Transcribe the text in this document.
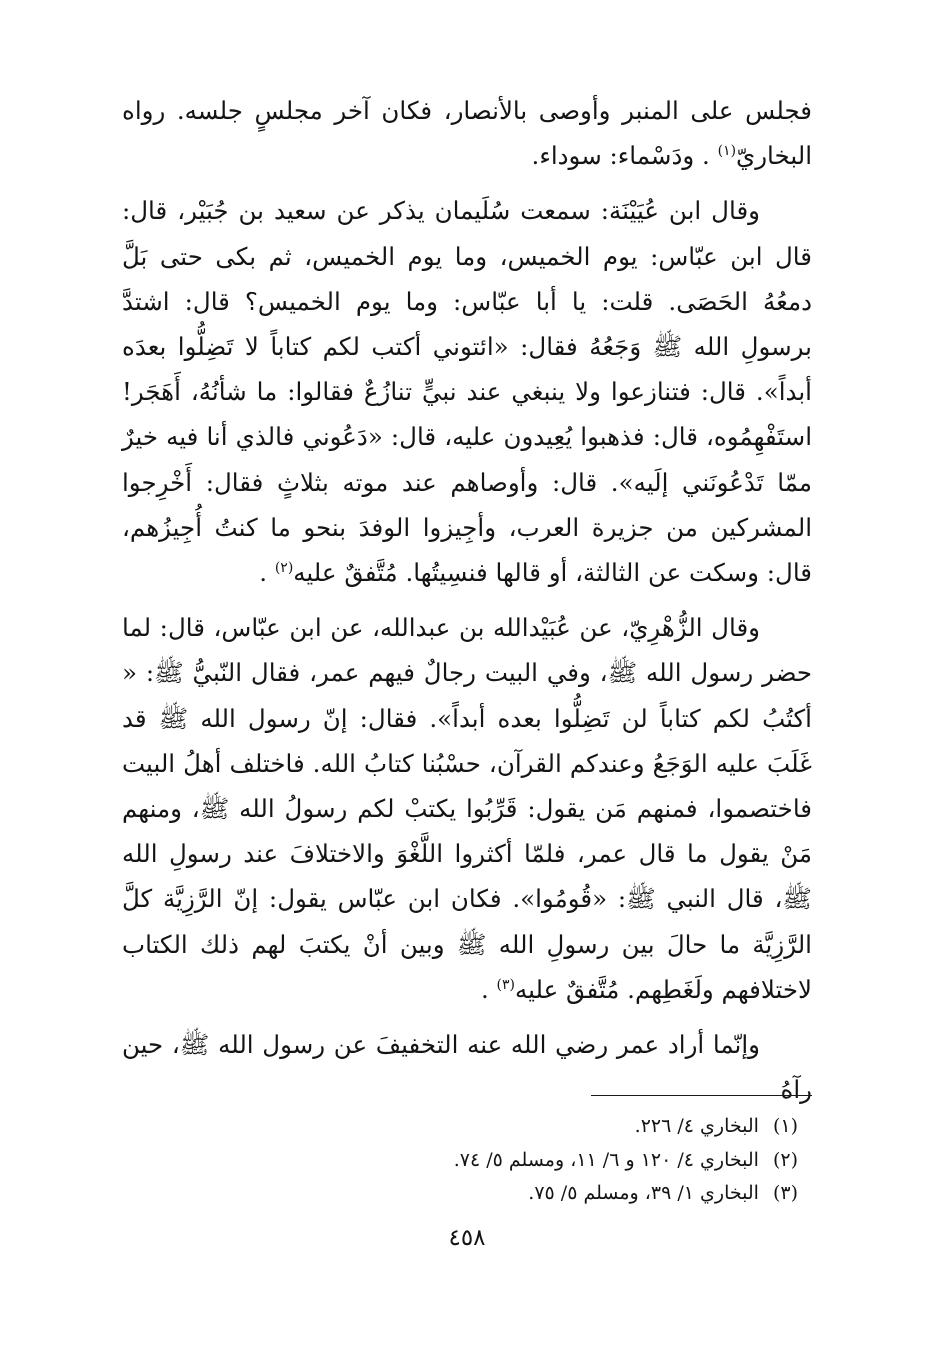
فجلس على المنبر وأوصى بالأنصار، فكان آخر مجلسٍ جلسه. رواه البخاريّ$^{(١)}$ . ودَسْماء: سوداء.

وقال ابن عُيَيْنَة: سمعت سُلَيمان يذكر عن سعيد بن جُبَيْر، قال: قال ابن عبّاس: يوم الخميس، وما يوم الخميس، ثم بكى حتى بَلَّ دمعُهُ الحَصَى. قلت: يا أبا عبّاس: وما يوم الخميس؟ قال: اشتدَّ برسولِ الله ﷺ وَجَعُهُ فقال: «ائتوني أكتب لكم كتاباً لا تَضِلُّوا بعدَه أبداً». قال: فتنازعوا ولا ينبغي عند نبيٍّ تنازُعٌ فقالوا: ما شأنُهُ، أَهَجَر! استَفْهِمُوه، قال: فذهبوا يُعِيدون عليه، قال: «دَعُوني فالذي أنا فيه خيرٌ ممّا تَدْعُونَني إلَيه». قال: وأوصاهم عند موته بثلاثٍ فقال: أَخْرِجوا المشركين من جزيرة العرب، وأجِيزوا الوفدَ بنحو ما كنتُ أُجِيزُهم، قال: وسكت عن الثالثة، أو قالها فنسِيتُها. مُتَّفقٌ عليه$^{(٢)}$ .

وقال الزُّهْرِيّ، عن عُبَيْدالله بن عبدالله، عن ابن عبّاس، قال: لما حضر رسول الله ﷺ، وفي البيت رجالٌ فيهم عمر، فقال النّبيُّ ﷺ: « أكتُبُ لكم كتاباً لن تَضِلُّوا بعده أبداً». فقال: إنّ رسول الله ﷺ قد غَلَبَ عليه الوَجَعُ وعندكم القرآن، حسْبُنا كتابُ الله. فاختلف أهلُ البيت فاختصموا، فمنهم مَن يقول: قَرِّبُوا يكتبْ لكم رسولُ الله ﷺ، ومنهم مَنْ يقول ما قال عمر، فلمّا أكثروا اللَّغْوَ والاختلافَ عند رسولِ الله ﷺ، قال النبي ﷺ: «قُومُوا». فكان ابن عبّاس يقول: إنّ الرَّزِيَّة كلَّ الرَّزِيَّة ما حالَ بين رسولِ الله ﷺ وبين أنْ يكتبَ لهم ذلك الكتاب لاختلافهم ولَغَطِهم. مُتَّفقٌ عليه$^{(٣)}$ .

وإنّما أراد عمر رضي الله عنه التخفيفَ عن رسول الله ﷺ، حين رآهُ

(١)البخاري ٤/ ٢٢٦.
(٢)البخاري ٤/ ١٢٠ و ٦/ ١١، ومسلم ٥/ ٧٤.
(٣)البخاري ١/ ٣٩، ومسلم ٥/ ٧٥.
٤٥٨
